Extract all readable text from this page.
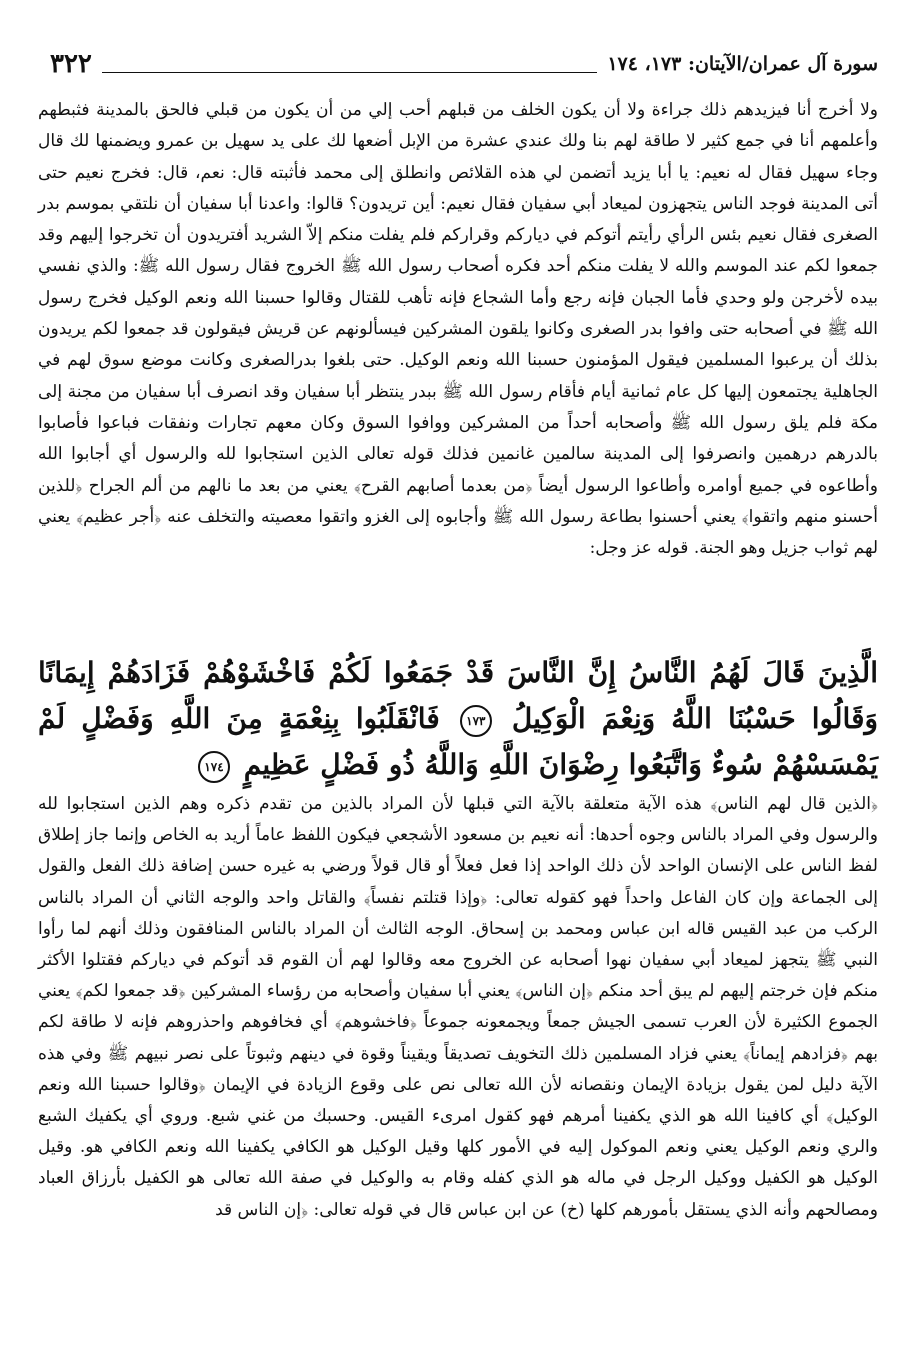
٣٢٢	سورة آل عمران/الآيتان: ١٧٣، ١٧٤

ولا أخرج أنا فيزيدهم ذلك جراءة ولا أن يكون الخلف من قبلهم أحب إلي من أن يكون من قبلي فالحق بالمدينة فثبطهم وأعلمهم أنا في جمع كثير لا طاقة لهم بنا ولك عندي عشرة من الإبل أضعها لك على يد سهيل بن عمرو ويضمنها لك قال وجاء سهيل فقال له نعيم: يا أبا يزيد أتضمن لي هذه القلائص وانطلق إلى محمد فأثبته قال: نعم، قال: فخرج نعيم حتى أتى المدينة فوجد الناس يتجهزون لميعاد أبي سفيان فقال نعيم: أين تريدون؟ قالوا: واعدنا أبا سفيان أن نلتقي بموسم بدر الصغرى فقال نعيم بئس الرأي رأيتم أتوكم في دياركم وقراركم فلم يفلت منكم إلاّ الشريد أفتريدون أن تخرجوا إليهم وقد جمعوا لكم عند الموسم والله لا يفلت منكم أحد فكره أصحاب رسول الله ﷺ الخروج فقال رسول الله ﷺ: والذي نفسي بيده لأخرجن ولو وحدي فأما الجبان فإنه رجع وأما الشجاع فإنه تأهب للقتال وقالوا حسبنا الله ونعم الوكيل فخرج رسول الله ﷺ في أصحابه حتى وافوا بدر الصغرى وكانوا يلقون المشركين فيسألونهم عن قريش فيقولون قد جمعوا لكم يريدون بذلك أن يرعبوا المسلمين فيقول المؤمنون حسبنا الله ونعم الوكيل. حتى بلغوا بدرالصغرى وكانت موضع سوق لهم في الجاهلية يجتمعون إليها كل عام ثمانية أيام فأقام رسول الله ﷺ ببدر ينتظر أبا سفيان وقد انصرف أبا سفيان من مجنة إلى مكة فلم يلق رسول الله ﷺ وأصحابه أحداً من المشركين ووافوا السوق وكان معهم تجارات ونفقات فباعوا فأصابوا بالدرهم درهمين وانصرفوا إلى المدينة سالمين غانمين فذلك قوله تعالى الذين استجابوا لله والرسول أي أجابوا الله وأطاعوه في جميع أوامره وأطاعوا الرسول أيضاً ﴿من بعدما أصابهم القرح﴾ يعني من بعد ما نالهم من ألم الجراح ﴿للذين أحسنو منهم واتقوا﴾ يعني أحسنوا بطاعة رسول الله ﷺ وأجابوه إلى الغزو واتقوا معصيته والتخلف عنه ﴿أجر عظيم﴾ يعني لهم ثواب جزيل وهو الجنة. قوله عز وجل:

الَّذِينَ قَالَ لَهُمُ النَّاسُ إِنَّ النَّاسَ قَدْ جَمَعُوا لَكُمْ فَاخْشَوْهُمْ فَزَادَهُمْ إِيمَانًا وَقَالُوا حَسْبُنَا اللَّهُ وَنِعْمَ الْوَكِيلُ ١٧٣ فَانْقَلَبُوا بِنِعْمَةٍ مِنَ اللَّهِ وَفَضْلٍ لَمْ يَمْسَسْهُمْ سُوءٌ وَاتَّبَعُوا رِضْوَانَ اللَّهِ وَاللَّهُ ذُو فَضْلٍ عَظِيمٍ ١٧٤

﴿الذين قال لهم الناس﴾ هذه الآية متعلقة بالآية التي قبلها لأن المراد بالذين من تقدم ذكره وهم الذين استجابوا لله والرسول وفي المراد بالناس وجوه أحدها: أنه نعيم بن مسعود الأشجعي فيكون اللفظ عاماً أريد به الخاص وإنما جاز إطلاق لفظ الناس على الإنسان الواحد لأن ذلك الواحد إذا فعل فعلاً أو قال قولاً ورضي به غيره حسن إضافة ذلك الفعل والقول إلى الجماعة وإن كان الفاعل واحداً فهو كقوله تعالى: ﴿وإذا قتلتم نفساً﴾ والقاتل واحد والوجه الثاني أن المراد بالناس الركب من عبد القيس قاله ابن عباس ومحمد بن إسحاق. الوجه الثالث أن المراد بالناس المنافقون وذلك أنهم لما رأوا النبي ﷺ يتجهز لميعاد أبي سفيان نهوا أصحابه عن الخروج معه وقالوا لهم أن القوم قد أتوكم في دياركم فقتلوا الأكثر منكم فإن خرجتم إليهم لم يبق أحد منكم ﴿إن الناس﴾ يعني أبا سفيان وأصحابه من رؤساء المشركين ﴿قد جمعوا لكم﴾ يعني الجموع الكثيرة لأن العرب تسمى الجيش جمعاً ويجمعونه جموعاً ﴿فاخشوهم﴾ أي فخافوهم واحذروهم فإنه لا طاقة لكم بهم ﴿فزادهم إيماناً﴾ يعني فزاد المسلمين ذلك التخويف تصديقاً ويقيناً وقوة في دينهم وثبوتاً على نصر نبيهم ﷺ وفي هذه الآية دليل لمن يقول بزيادة الإيمان ونقصانه لأن الله تعالى نص على وقوع الزيادة في الإيمان ﴿وقالوا حسبنا الله ونعم الوكيل﴾ أي كافينا الله هو الذي يكفينا أمرهم فهو كقول امرىء القيس. وحسبك من غني شبع. وروي أي يكفيك الشبع والري ونعم الوكيل يعني ونعم الموكول إليه في الأمور كلها وقيل الوكيل هو الكافي يكفينا الله ونعم الكافي هو. وقيل الوكيل هو الكفيل ووكيل الرجل في ماله هو الذي كفله وقام به والوكيل في صفة الله تعالى هو الكفيل بأرزاق العباد ومصالحهم وأنه الذي يستقل بأمورهم كلها (خ) عن ابن عباس قال في قوله تعالى: ﴿إن الناس قد
